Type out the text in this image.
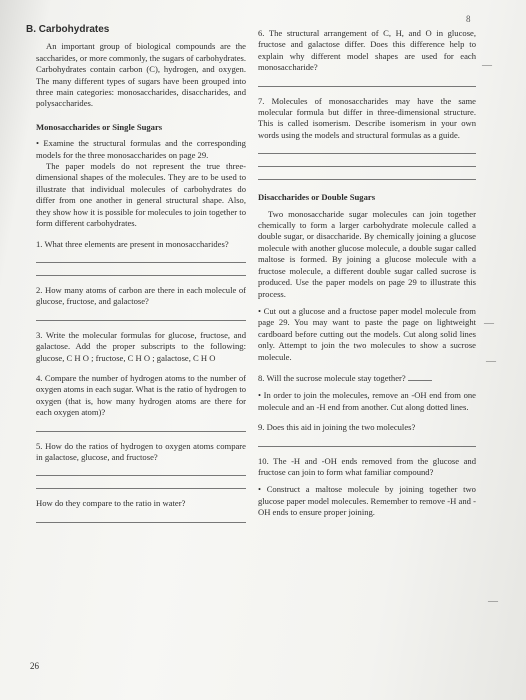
8
B. Carbohydrates

An important group of biological compounds are the saccharides, or more commonly, the sugars of carbohydrates. Carbohydrates contain carbon (C), hydrogen, and oxygen. The many different types of sugars have been grouped into three main categories: monosaccharides, disaccharides, and polysaccharides.

Monosaccharides or Single Sugars

• Examine the structural formulas and the corresponding models for the three monosaccharides on page 29.

The paper models do not represent the true three-dimensional shapes of the molecules. They are to be used to illustrate that individual molecules of carbohydrates do differ from one another in general structural shape. Also, they show how it is possible for molecules to join together to form different carbohydrates.

1. What three elements are present in monosaccharides?

2. How many atoms of carbon are there in each molecule of glucose, fructose, and galactose?

3. Write the molecular formulas for glucose, fructose, and galactose. Add the proper subscripts to the following: glucose, C H O ; fructose, C H O ; galactose, C H O

4. Compare the number of hydrogen atoms to the number of oxygen atoms in each sugar. What is the ratio of hydrogen to oxygen (that is, how many hydrogen atoms are there for each oxygen atom)?

5. How do the ratios of hydrogen to oxygen atoms compare in galactose, glucose, and fructose?

How do they compare to the ratio in water?

6. The structural arrangement of C, H, and O in glucose, fructose and galactose differ. Does this difference help to explain why different model shapes are used for each monosaccharide?

7. Molecules of monosaccharides may have the same molecular formula but differ in three-dimensional structure. This is called isomerism. Describe isomerism in your own words using the models and structural formulas as a guide.

Disaccharides or Double Sugars

Two monosaccharide sugar molecules can join together chemically to form a larger carbohydrate molecule called a double sugar, or disaccharide. By chemically joining a glucose molecule with another glucose molecule, a double sugar called maltose is formed. By joining a glucose molecule with a fructose molecule, a different double sugar called sucrose is produced. Use the paper models on page 29 to illustrate this process.

• Cut out a glucose and a fructose paper model molecule from page 29. You may want to paste the page on lightweight cardboard before cutting out the models. Cut along solid lines only. Attempt to join the two molecules to show a sucrose molecule.

8. Will the sucrose molecule stay together?

• In order to join the molecules, remove an -OH end from one molecule and an -H end from another. Cut along dotted lines.

9. Does this aid in joining the two molecules?

10. The -H and -OH ends removed from the glucose and fructose can join to form what familiar compound?

• Construct a maltose molecule by joining together two glucose paper model molecules. Remember to remove -H and -OH ends to ensure proper joining.

26
—
—
—
—
